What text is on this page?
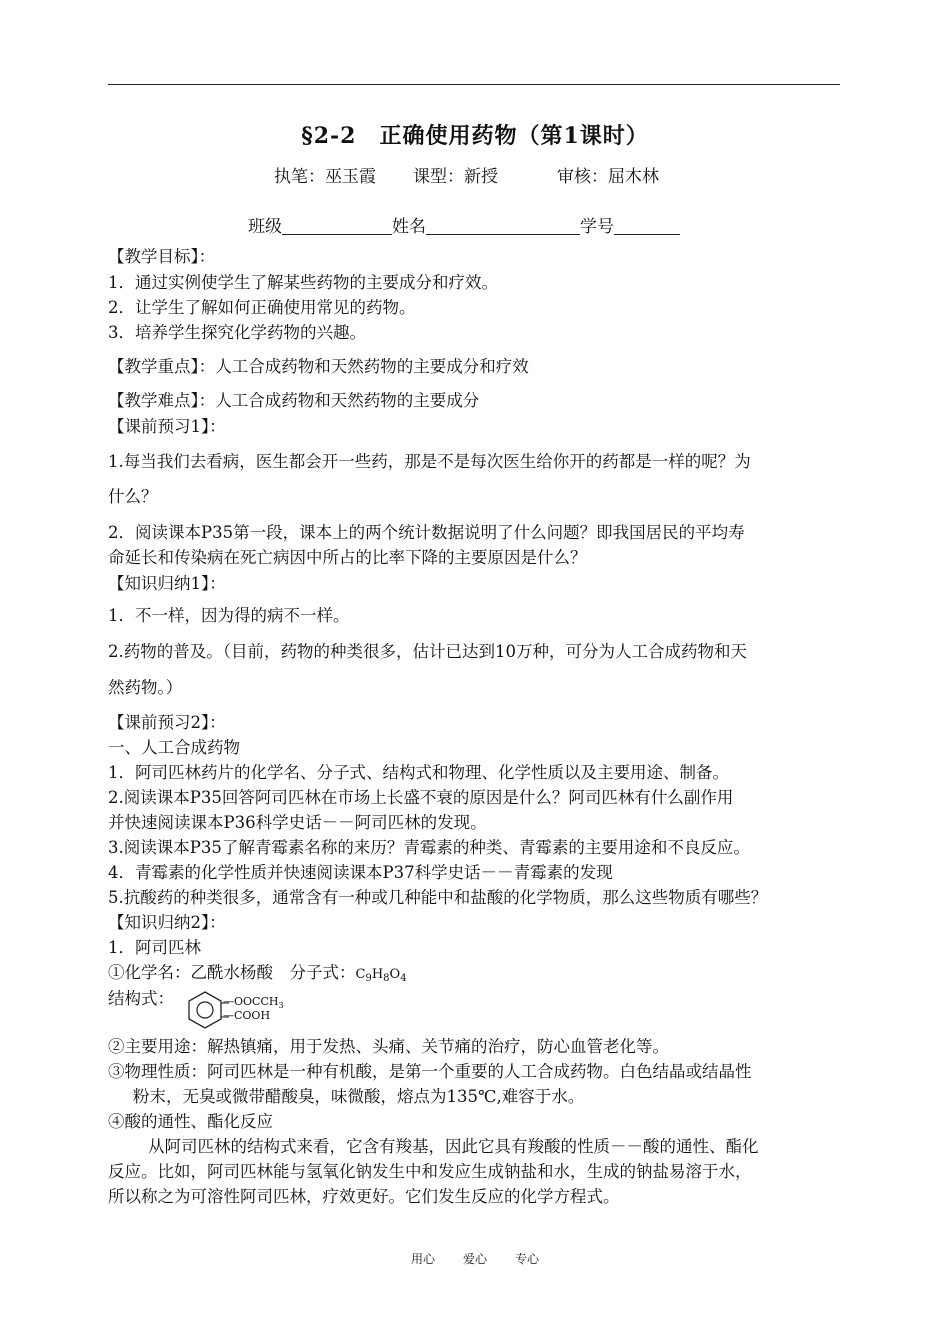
§2-2　正确使用药物（第1课时）
执笔：巫玉霞 课型：新授	审核：屈木林
班级	姓名	学号
【教学目标】：
1．通过实例使学生了解某些药物的主要成分和疗效。
2．让学生了解如何正确使用常见的药物。
3．培养学生探究化学药物的兴趣。
【教学重点】：人工合成药物和天然药物的主要成分和疗效
【教学难点】：人工合成药物和天然药物的主要成分
【课前预习1】：
1.每当我们去看病，医生都会开一些药，那是不是每次医生给你开的药都是一样的呢？为
什么？
2．阅读课本P35第一段，课本上的两个统计数据说明了什么问题？即我国居民的平均寿
命延长和传染病在死亡病因中所占的比率下降的主要原因是什么？
【知识归纳1】：
1．不一样，因为得的病不一样。
2.药物的普及。（目前，药物的种类很多，估计已达到10万种，可分为人工合成药物和天
然药物。）
【课前预习2】：
一、人工合成药物
1．阿司匹林药片的化学名、分子式、结构式和物理、化学性质以及主要用途、制备。
2.阅读课本P35回答阿司匹林在市场上长盛不衰的原因是什么？阿司匹林有什么副作用
并快速阅读课本P36科学史话－－阿司匹林的发现。
3.阅读课本P35了解青霉素名称的来历？青霉素的种类、青霉素的主要用途和不良反应。
4．青霉素的化学性质并快速阅读课本P37科学史话－－青霉素的发现
5.抗酸药的种类很多，通常含有一种或几种能中和盐酸的化学物质，那么这些物质有哪些？
【知识归纳2】：
1．阿司匹林
①化学名：乙酰水杨酸　分子式：$C_9H_8O_4$
结构式：	$—OOCCH_3$
—COOH
②主要用途：解热镇痛，用于发热、头痛、关节痛的治疗，防心血管老化等。
③物理性质：阿司匹林是一种有机酸，是第一个重要的人工合成药物。白色结晶或结晶性
粉末，无臭或微带醋酸臭，味微酸，熔点为135℃,难容于水。
④酸的通性、酯化反应
从阿司匹林的结构式来看，它含有羧基，因此它具有羧酸的性质－－酸的通性、酯化
反应。比如，阿司匹林能与氢氧化钠发生中和发应生成钠盐和水，生成的钠盐易溶于水，
所以称之为可溶性阿司匹林，疗效更好。它们发生反应的化学方程式。
用心 爱心 专心
